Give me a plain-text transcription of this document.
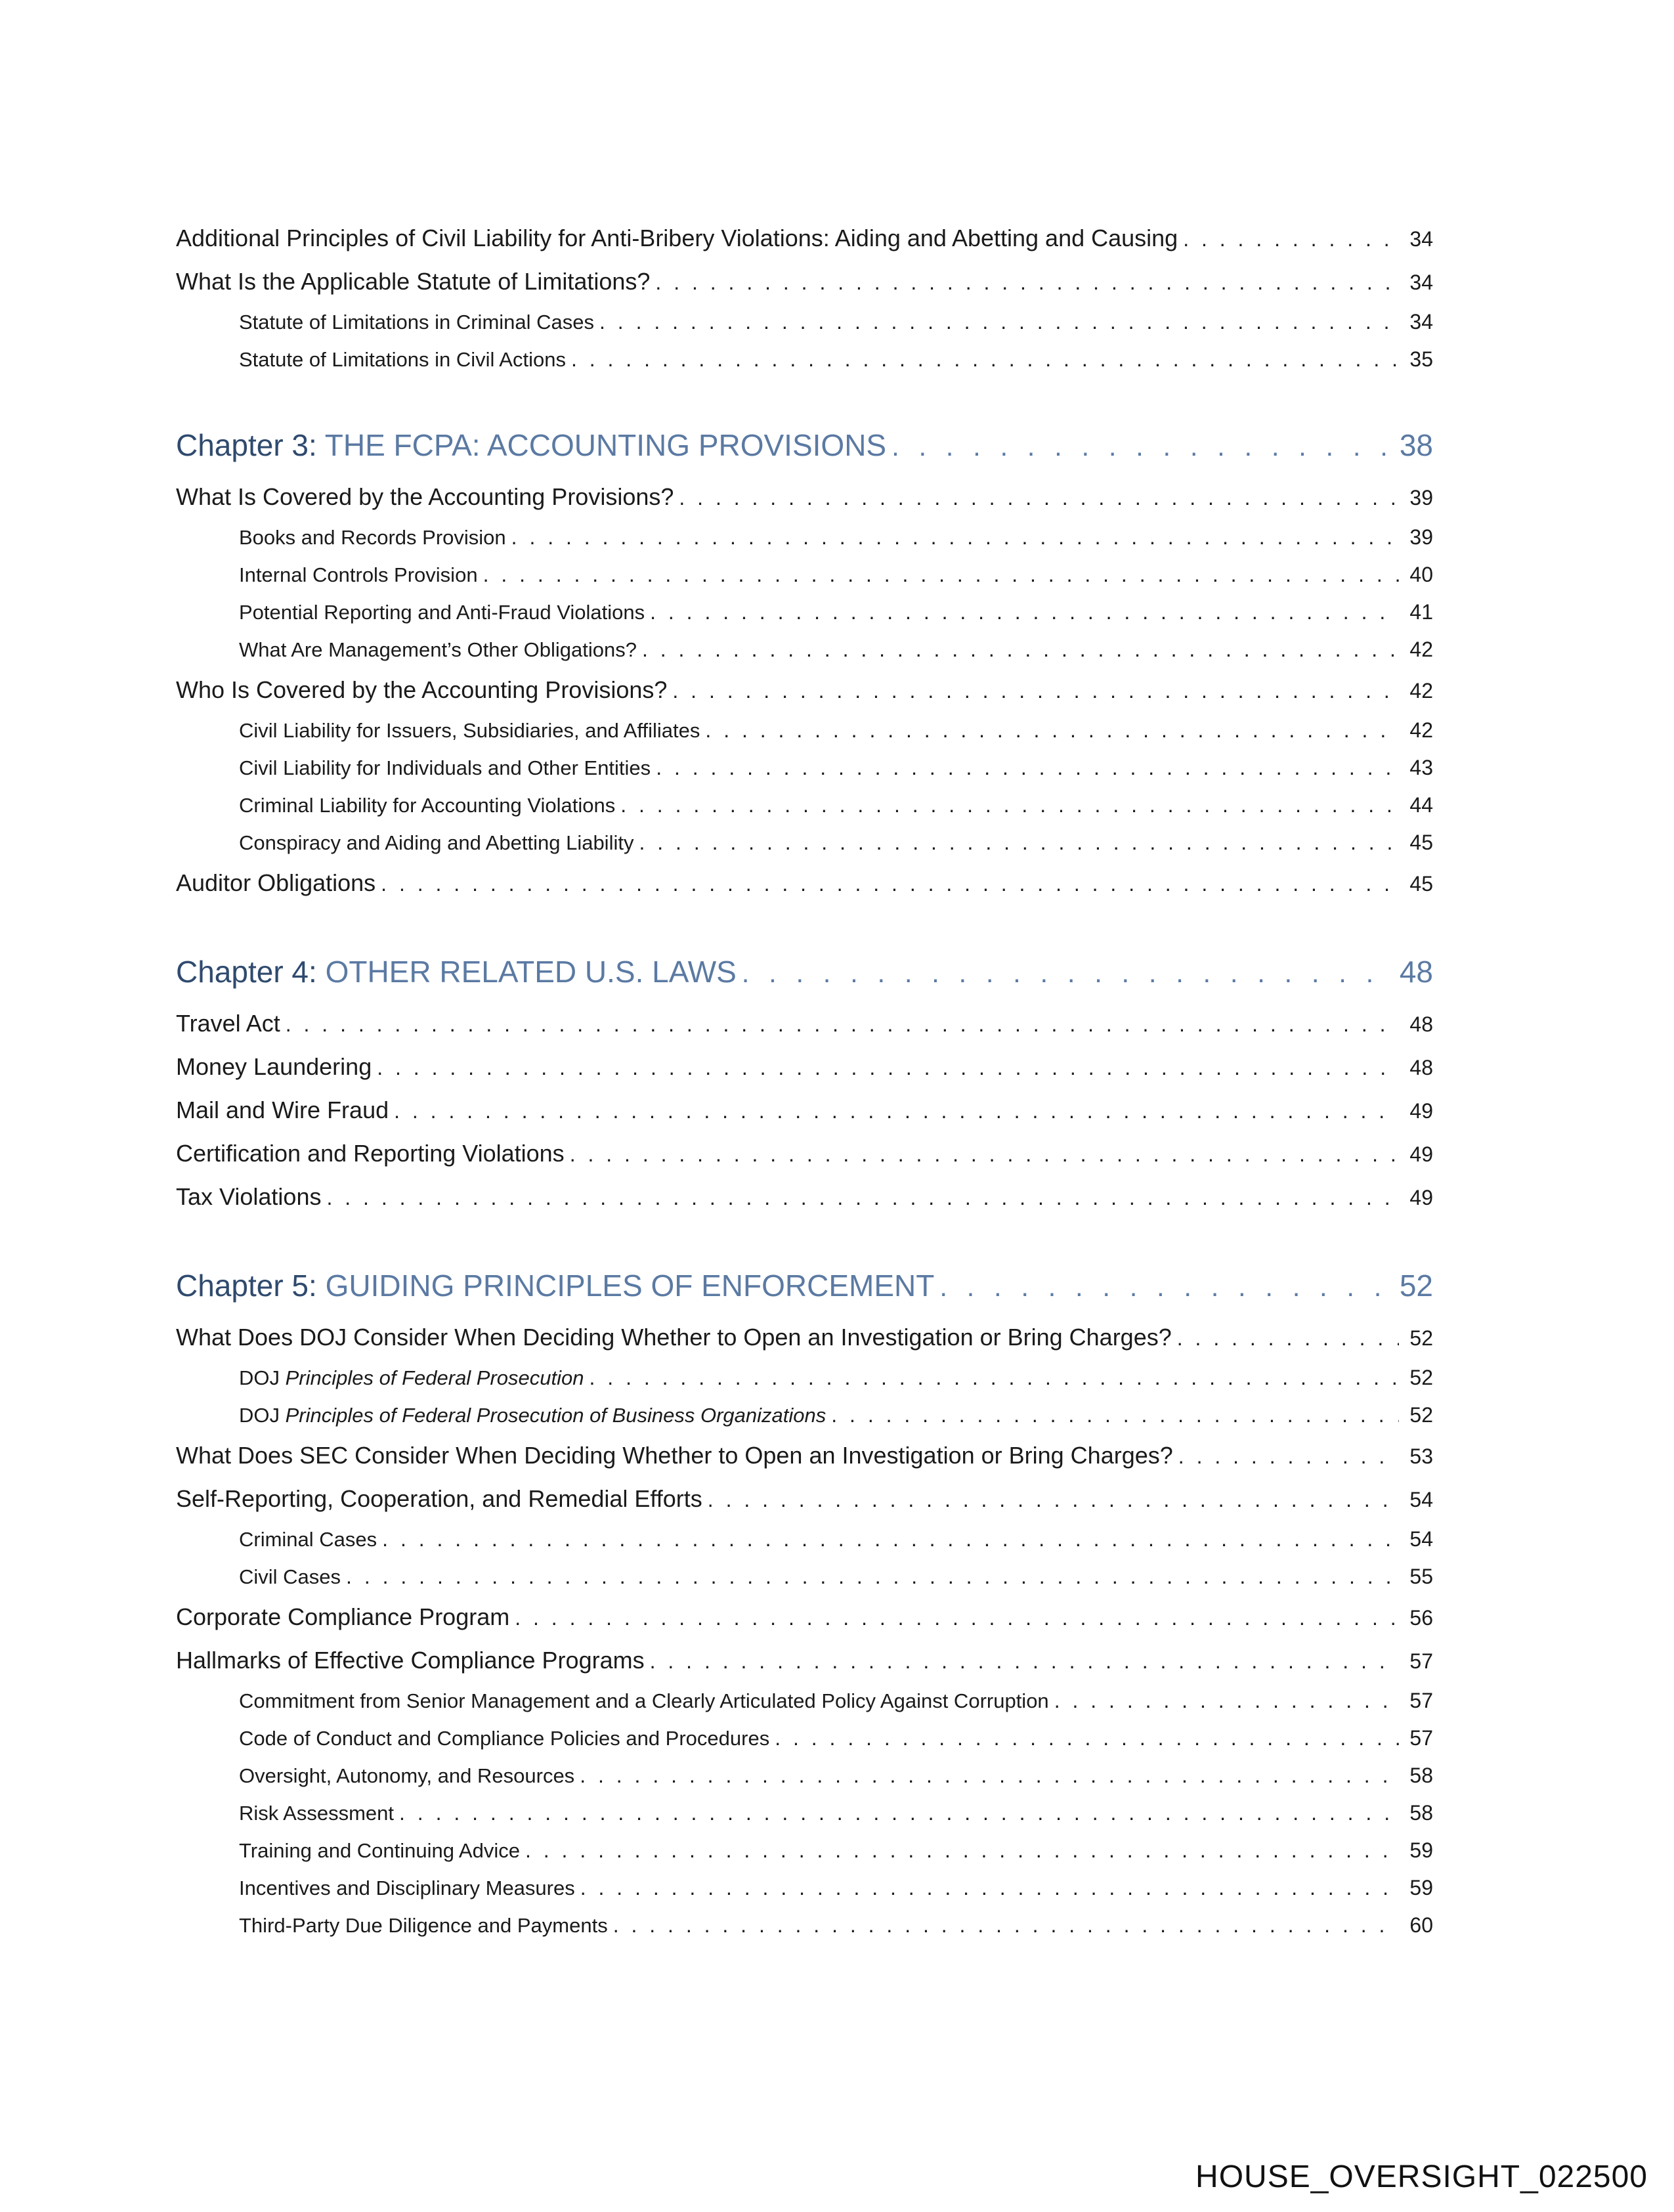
Additional Principles of Civil Liability for Anti-Bribery Violations: Aiding and Abetting and Causing . . .	34
What Is the Applicable Statute of Limitations? . . .	34
Statute of Limitations in Criminal Cases . . .	34
Statute of Limitations in Civil Actions . . .	35
Chapter 3: THE FCPA: ACCOUNTING PROVISIONS . . .	38
What Is Covered by the Accounting Provisions? . . .	39
Books and Records Provision . . .	39
Internal Controls Provision . . .	40
Potential Reporting and Anti-Fraud Violations . . .	41
What Are Management’s Other Obligations? . . .	42
Who Is Covered by the Accounting Provisions? . . .	42
Civil Liability for Issuers, Subsidiaries, and Affiliates . . .	42
Civil Liability for Individuals and Other Entities . . .	43
Criminal Liability for Accounting Violations . . .	44
Conspiracy and Aiding and Abetting Liability . . .	45
Auditor Obligations . . .	45
Chapter 4: OTHER RELATED U.S. LAWS . . .	48
Travel Act . . .	48
Money Laundering . . .	48
Mail and Wire Fraud . . .	49
Certification and Reporting Violations . . .	49
Tax Violations . . .	49
Chapter 5: GUIDING PRINCIPLES OF ENFORCEMENT . . .	52
What Does DOJ Consider When Deciding Whether to Open an Investigation or Bring Charges? . . .	52
DOJ Principles of Federal Prosecution . . .	52
DOJ Principles of Federal Prosecution of Business Organizations . . .	52
What Does SEC Consider When Deciding Whether to Open an Investigation or Bring Charges? . . .	53
Self-Reporting, Cooperation, and Remedial Efforts . . .	54
Criminal Cases . . .	54
Civil Cases . . .	55
Corporate Compliance Program . . .	56
Hallmarks of Effective Compliance Programs . . .	57
Commitment from Senior Management and a Clearly Articulated Policy Against Corruption . . .	57
Code of Conduct and Compliance Policies and Procedures . . .	57
Oversight, Autonomy, and Resources . . .	58
Risk Assessment . . .	58
Training and Continuing Advice . . .	59
Incentives and Disciplinary Measures . . .	59
Third-Party Due Diligence and Payments . . .	60
HOUSE_OVERSIGHT_022500
